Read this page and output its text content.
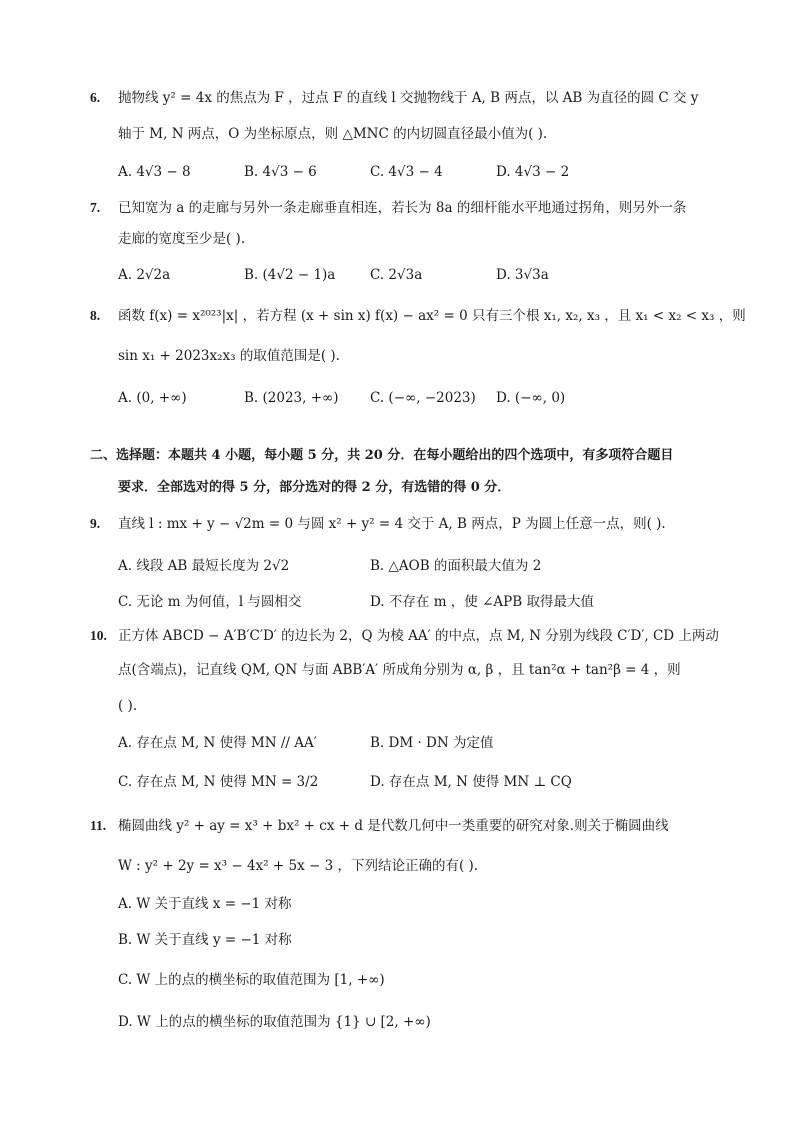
6. 抛物线 y² = 4x 的焦点为 F ，过点 F 的直线 l 交抛物线于 A, B 两点，以 AB 为直径的圆 C 交 y
轴于 M, N 两点，O 为坐标原点，则 △MNC 的内切圆直径最小值为( ).
A. 4√3 − 8	B. 4√3 − 6	C. 4√3 − 4	D. 4√3 − 2
7. 已知宽为 a 的走廊与另外一条走廊垂直相连，若长为 8a 的细杆能水平地通过拐角，则另外一条
走廊的宽度至少是( ).
A. 2√2a	B. (4√2 − 1)a	C. 2√3a	D. 3√3a
8. 函数 f(x) = x²⁰²³|x| ，若方程 (x + sin x) f(x) − ax² = 0 只有三个根 x₁, x₂, x₃ ，且 x₁ < x₂ < x₃ ，则
sin x₁ + 2023x₂x₃ 的取值范围是( ).
A. (0, +∞)	B. (2023, +∞) C. (−∞, −2023) D. (−∞, 0)
二、选择题：本题共 4 小题，每小题 5 分，共 20 分．在每小题给出的四个选项中，有多项符合题目
要求．全部选对的得 5 分，部分选对的得 2 分，有选错的得 0 分．
9. 直线 l : mx + y − √2m = 0 与圆 x² + y² = 4 交于 A, B 两点，P 为圆上任意一点，则( ).
A. 线段 AB 最短长度为 2√2	B. △AOB 的面积最大值为 2
C. 无论 m 为何值，l 与圆相交	D. 不存在 m ，使 ∠APB 取得最大值
10. 正方体 ABCD − A′B′C′D′ 的边长为 2，Q 为棱 AA′ 的中点，点 M, N 分别为线段 C′D′, CD 上两动
点(含端点)，记直线 QM, QN 与面 ABB′A′ 所成角分别为 α, β ，且 tan²α + tan²β = 4 ，则
( ).
A. 存在点 M, N 使得 MN // AA′	B. DM · DN 为定值
C. 存在点 M, N 使得 MN = 3/2	D. 存在点 M, N 使得 MN ⊥ CQ
11. 椭圆曲线 y² + ay = x³ + bx² + cx + d 是代数几何中一类重要的研究对象.则关于椭圆曲线
W : y² + 2y = x³ − 4x² + 5x − 3 ，下列结论正确的有( ).
A. W 关于直线 x = −1 对称
B. W 关于直线 y = −1 对称
C. W 上的点的横坐标的取值范围为 [1, +∞)
D. W 上的点的横坐标的取值范围为 {1} ∪ [2, +∞)
